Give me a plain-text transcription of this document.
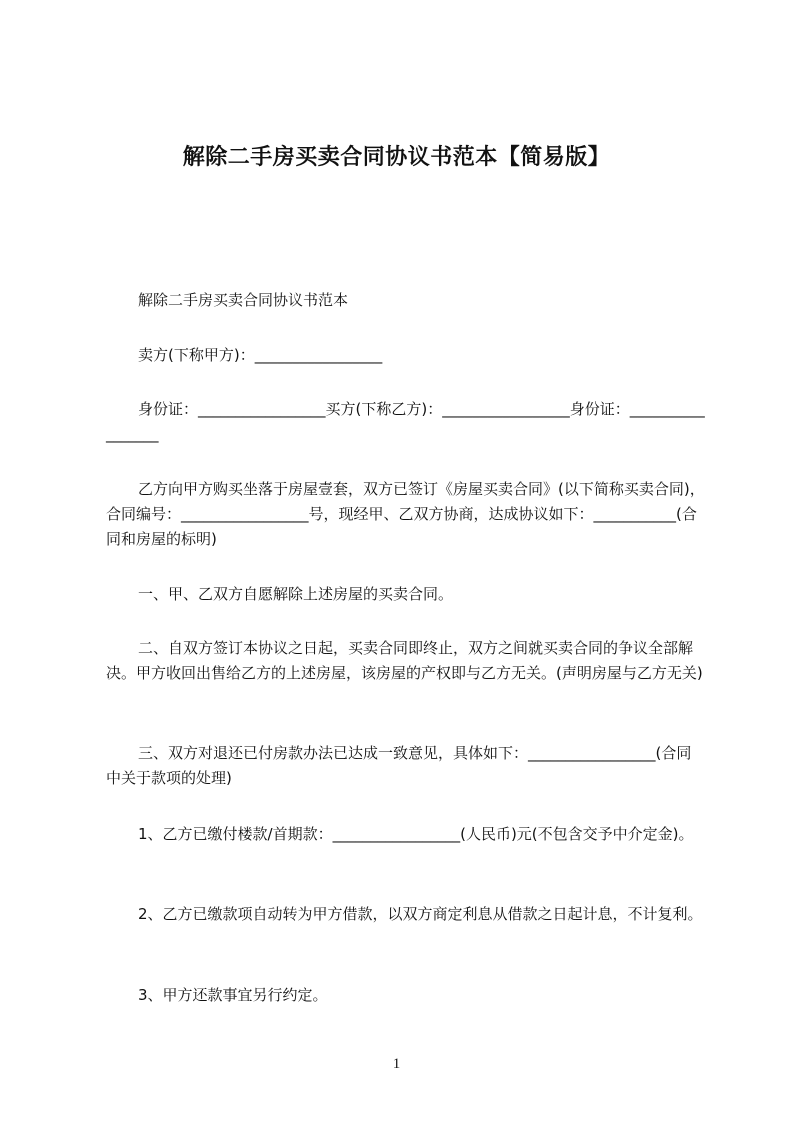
解除二手房买卖合同协议书范本【简易版】

解除二手房买卖合同协议书范本

卖方(下称甲方)：_________________

身份证：_________________买方(下称乙方)：_________________身份证：_________________

乙方向甲方购买坐落于房屋壹套，双方已签订《房屋买卖合同》(以下简称买卖合同)，合同编号：_________________号，现经甲、乙双方协商，达成协议如下：___________(合同和房屋的标明)

一、甲、乙双方自愿解除上述房屋的买卖合同。

二、自双方签订本协议之日起，买卖合同即终止，双方之间就买卖合同的争议全部解决。甲方收回出售给乙方的上述房屋，该房屋的产权即与乙方无关。(声明房屋与乙方无关)

三、双方对退还已付房款办法已达成一致意见，具体如下：_________________(合同中关于款项的处理)

1、乙方已缴付楼款/首期款：_________________(人民币)元(不包含交予中介定金)。

2、乙方已缴款项自动转为甲方借款，以双方商定利息从借款之日起计息，不计复利。

3、甲方还款事宜另行约定。

1
